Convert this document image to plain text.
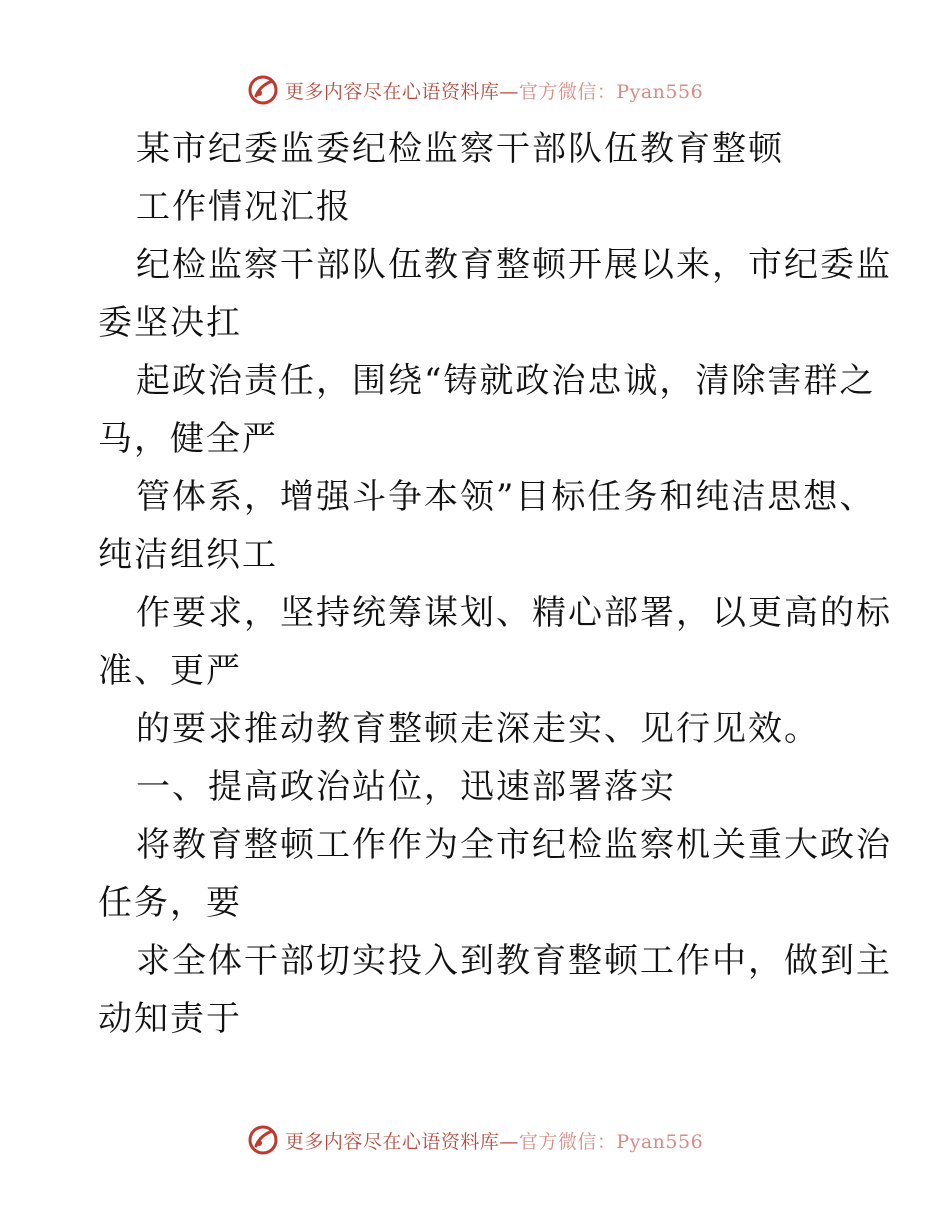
更多内容尽在心语资料库—官方微信：Pyan556
某市纪委监委纪检监察干部队伍教育整顿
工作情况汇报
纪检监察干部队伍教育整顿开展以来，市纪委监
委坚决扛
起政治责任，围绕“铸就政治忠诚，清除害群之
马，健全严
管体系，增强斗争本领”目标任务和纯洁思想、
纯洁组织工
作要求，坚持统筹谋划、精心部署，以更高的标
准、更严
的要求推动教育整顿走深走实、见行见效。
一、提高政治站位，迅速部署落实
将教育整顿工作作为全市纪检监察机关重大政治
任务，要
求全体干部切实投入到教育整顿工作中，做到主
动知责于
更多内容尽在心语资料库—官方微信：Pyan556
